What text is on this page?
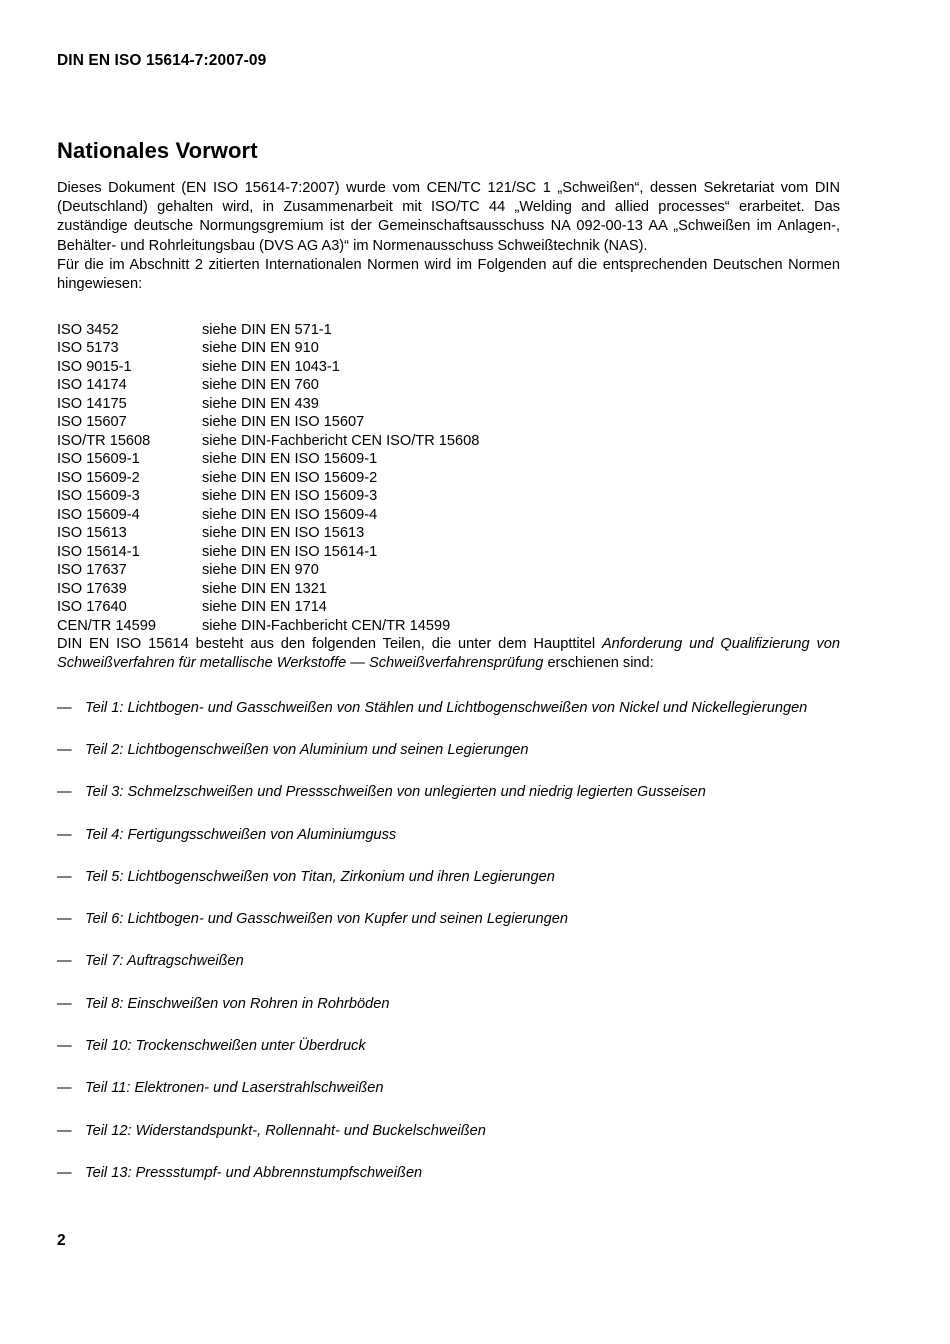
DIN EN ISO 15614-7:2007-09
Nationales Vorwort

Dieses Dokument (EN ISO 15614-7:2007) wurde vom CEN/TC 121/SC 1 „Schweißen“, dessen Sekretariat vom DIN (Deutschland) gehalten wird, in Zusammenarbeit mit ISO/TC 44 „Welding and allied processes“ erarbeitet. Das zuständige deutsche Normungsgremium ist der Gemeinschaftsausschuss NA 092-00-13 AA „Schweißen im Anlagen-, Behälter- und Rohrleitungsbau (DVS AG A3)“ im Normenausschuss Schweißtechnik (NAS).

Für die im Abschnitt 2 zitierten Internationalen Normen wird im Folgenden auf die entsprechenden Deutschen Normen hingewiesen:

ISO 3452	siehe DIN EN 571-1
ISO 5173	siehe DIN EN 910
ISO 9015-1	siehe DIN EN 1043-1
ISO 14174	siehe DIN EN 760
ISO 14175	siehe DIN EN 439
ISO 15607	siehe DIN EN ISO 15607
ISO/TR 15608	siehe DIN-Fachbericht CEN ISO/TR 15608
ISO 15609-1	siehe DIN EN ISO 15609-1
ISO 15609-2	siehe DIN EN ISO 15609-2
ISO 15609-3	siehe DIN EN ISO 15609-3
ISO 15609-4	siehe DIN EN ISO 15609-4
ISO 15613	siehe DIN EN ISO 15613
ISO 15614-1	siehe DIN EN ISO 15614-1
ISO 17637	siehe DIN EN 970
ISO 17639	siehe DIN EN 1321
ISO 17640	siehe DIN EN 1714
CEN/TR 14599	siehe DIN-Fachbericht CEN/TR 14599

DIN EN ISO 15614 besteht aus den folgenden Teilen, die unter dem Haupttitel Anforderung und Qualifizierung von Schweißverfahren für metallische Werkstoffe — Schweißverfahrensprüfung erschienen sind:

— Teil 1: Lichtbogen- und Gasschweißen von Stählen und Lichtbogenschweißen von Nickel und Nickellegierungen
— Teil 2: Lichtbogenschweißen von Aluminium und seinen Legierungen
— Teil 3: Schmelzschweißen und Pressschweißen von unlegierten und niedrig legierten Gusseisen
— Teil 4: Fertigungsschweißen von Aluminiumguss
— Teil 5: Lichtbogenschweißen von Titan, Zirkonium und ihren Legierungen
— Teil 6: Lichtbogen- und Gasschweißen von Kupfer und seinen Legierungen
— Teil 7: Auftragschweißen
— Teil 8: Einschweißen von Rohren in Rohrböden
— Teil 10: Trockenschweißen unter Überdruck
— Teil 11: Elektronen- und Laserstrahlschweißen
— Teil 12: Widerstandspunkt-, Rollennaht- und Buckelschweißen
— Teil 13: Pressstumpf- und Abbrennstumpfschweißen
2
